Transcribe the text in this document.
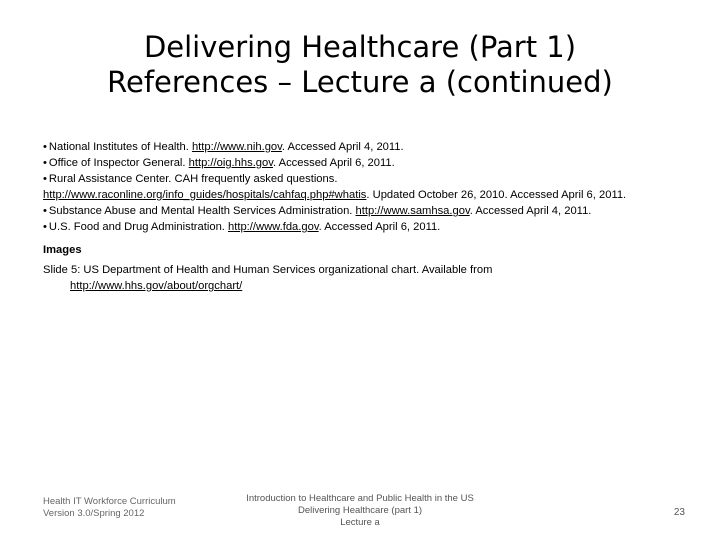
Delivering Healthcare (Part 1)
References – Lecture a (continued)
• National Institutes of Health. http://www.nih.gov. Accessed April 4, 2011.
• Office of Inspector General. http://oig.hhs.gov. Accessed April 6, 2011.
• Rural Assistance Center. CAH frequently asked questions.
http://www.raconline.org/info_guides/hospitals/cahfaq.php#whatis. Updated October 26, 2010. Accessed April 6, 2011.
• Substance Abuse and Mental Health Services Administration. http://www.samhsa.gov. Accessed April 4, 2011.
• U.S. Food and Drug Administration. http://www.fda.gov. Accessed April 6, 2011.
Images
Slide 5: US Department of Health and Human Services organizational chart. Available from
http://www.hhs.gov/about/orgchart/
Health IT Workforce Curriculum
Version 3.0/Spring 2012
Introduction to Healthcare and Public Health in the US
Delivering Healthcare (part 1)
Lecture a
23
